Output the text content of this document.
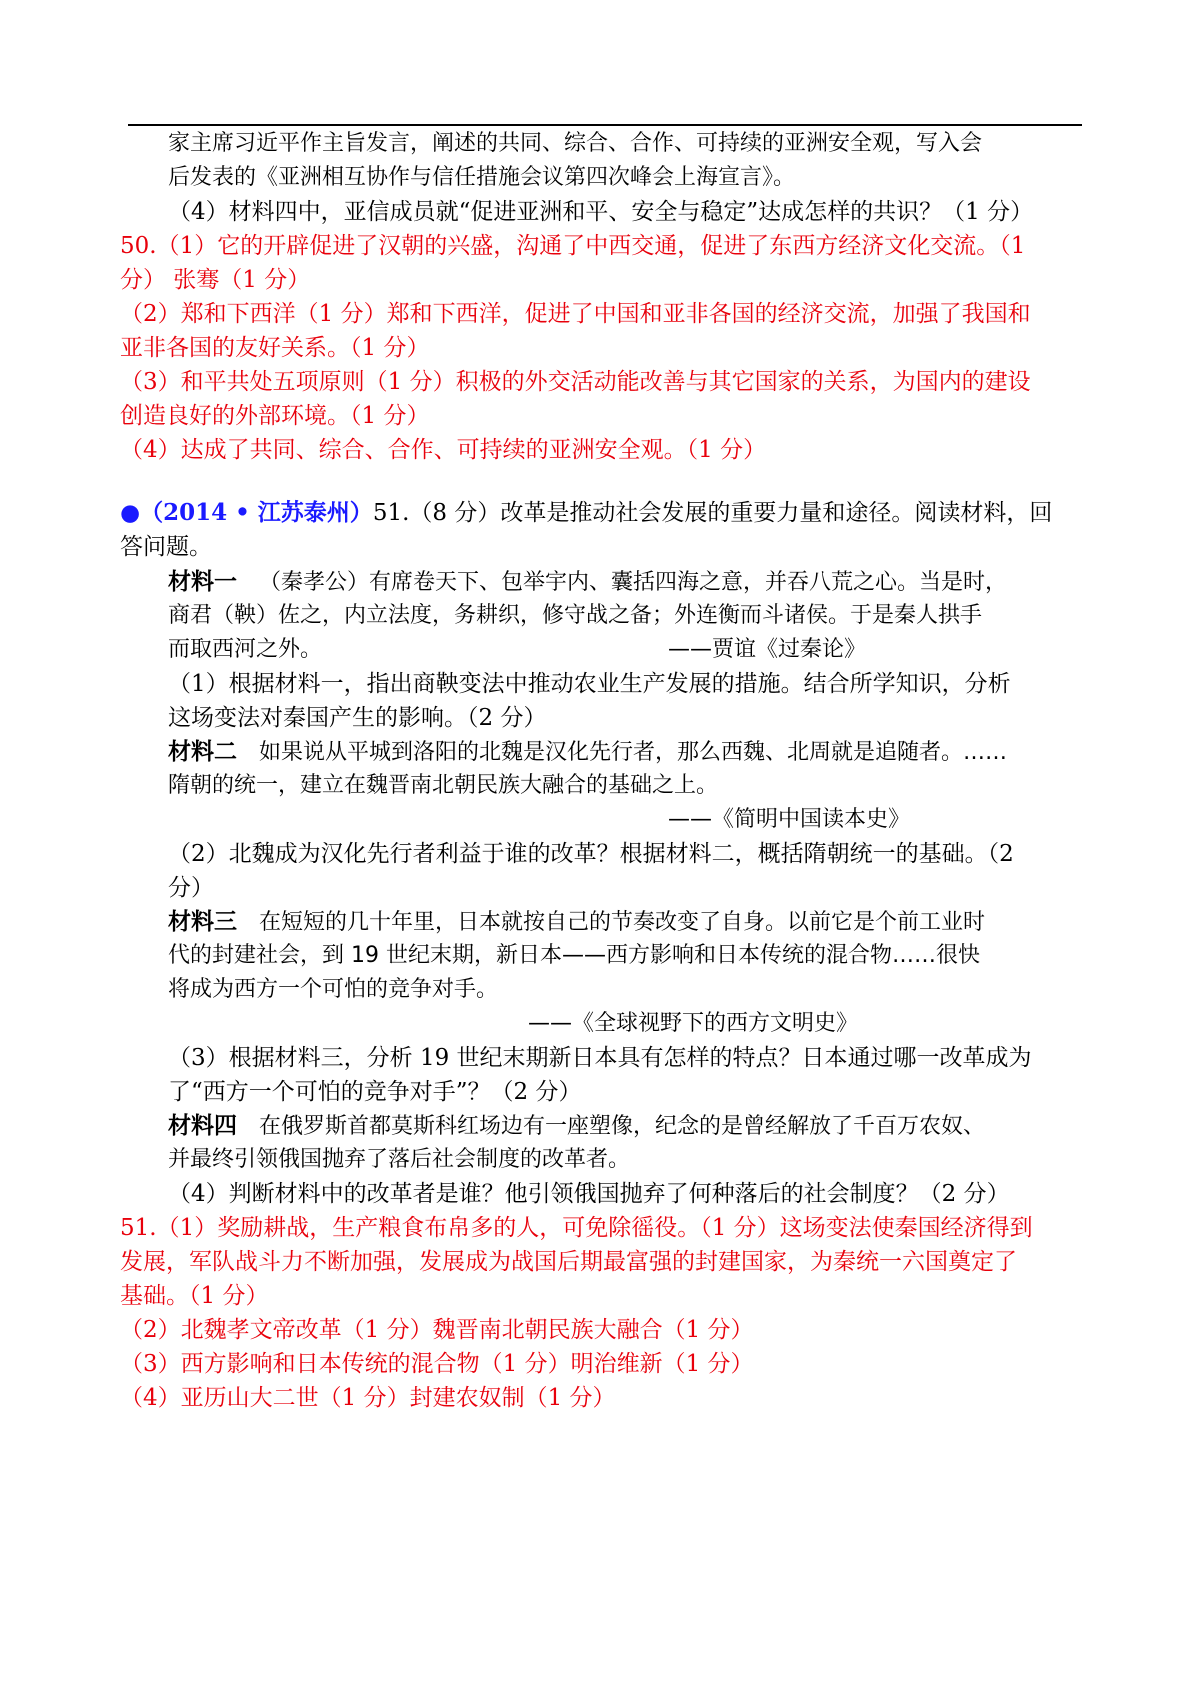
家主席习近平作主旨发言，阐述的共同、综合、合作、可持续的亚洲安全观，写入会
后发表的《亚洲相互协作与信任措施会议第四次峰会上海宣言》。
（4）材料四中，亚信成员就“促进亚洲和平、安全与稳定”达成怎样的共识？（1 分）
50.（1）它的开辟促进了汉朝的兴盛，沟通了中西交通，促进了东西方经济文化交流。（1
分） 张骞（1 分）
（2）郑和下西洋（1 分）郑和下西洋，促进了中国和亚非各国的经济交流，加强了我国和
亚非各国的友好关系。（1 分）
（3）和平共处五项原则（1 分）积极的外交活动能改善与其它国家的关系，为国内的建设
创造良好的外部环境。（1 分）
（4）达成了共同、综合、合作、可持续的亚洲安全观。（1 分）
●（2014 • 江苏泰州）51.（8 分）改革是推动社会发展的重要力量和途径。阅读材料，回
答问题。
材料一 （秦孝公）有席卷天下、包举宇内、囊括四海之意，并吞八荒之心。当是时，
商君（鞅）佐之，内立法度，务耕织，修守战之备；外连衡而斗诸侯。于是秦人拱手
而取西河之外。	——贾谊《过秦论》
（1）根据材料一，指出商鞅变法中推动农业生产发展的措施。结合所学知识，分析
这场变法对秦国产生的影响。（2 分）
材料二 如果说从平城到洛阳的北魏是汉化先行者，那么西魏、北周就是追随者。……
隋朝的统一，建立在魏晋南北朝民族大融合的基础之上。
——《简明中国读本史》
（2）北魏成为汉化先行者利益于谁的改革？根据材料二，概括隋朝统一的基础。（2
分）
材料三 在短短的几十年里，日本就按自己的节奏改变了自身。以前它是个前工业时
代的封建社会，到 19 世纪末期，新日本——西方影响和日本传统的混合物……很快
将成为西方一个可怕的竞争对手。
——《全球视野下的西方文明史》
（3）根据材料三，分析 19 世纪末期新日本具有怎样的特点？日本通过哪一改革成为
了“西方一个可怕的竞争对手”？（2 分）
材料四 在俄罗斯首都莫斯科红场边有一座塑像，纪念的是曾经解放了千百万农奴、
并最终引领俄国抛弃了落后社会制度的改革者。
（4）判断材料中的改革者是谁？他引领俄国抛弃了何种落后的社会制度？（2 分）
51.（1）奖励耕战，生产粮食布帛多的人，可免除徭役。（1 分）这场变法使秦国经济得到
发展，军队战斗力不断加强，发展成为战国后期最富强的封建国家，为秦统一六国奠定了
基础。（1 分）
（2）北魏孝文帝改革（1 分）魏晋南北朝民族大融合（1 分）
（3）西方影响和日本传统的混合物（1 分）明治维新（1 分）
（4）亚历山大二世（1 分）封建农奴制（1 分）
